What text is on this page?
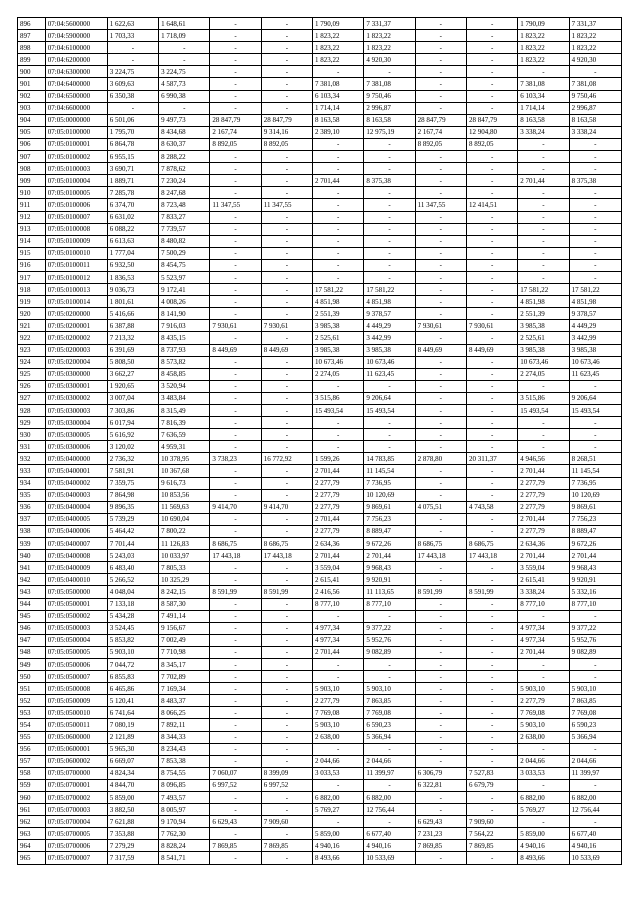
896	07:04:5600000	1 622,63	1 648,61	-	-	1 790,09	7 331,37	-	-	1 790,09	7 331,37
897	07:04:5900000	1 703,33	1 718,09	-	-	1 823,22	1 823,22	-	-	1 823,22	1 823,22
898	07:04:6100000	-	-	-	-	1 823,22	1 823,22	-	-	1 823,22	1 823,22
899	07:04:6200000	-	-	-	-	1 823,22	4 920,30	-	-	1 823,22	4 920,30
900	07:04:6300000	3 224,75	3 224,75	-	-	-	-	-	-	-	-
901	07:04:6400000	3 609,63	4 587,73	-	-	7 381,08	7 381,08	-	-	7 381,08	7 381,08
902	07:04:6500000	6 350,38	6 990,38	-	-	6 103,34	9 750,46	-	-	6 103,34	9 750,46
903	07:04:6600000	-	-	-	-	1 714,14	2 996,87	-	-	1 714,14	2 996,87
904	07:05:0000000	6 501,06	9 497,73	28 847,79	28 847,79	8 163,58	8 163,58	28 847,79	28 847,79	8 163,58	8 163,58
905	07:05:0100000	1 795,70	8 434,68	2 167,74	9 314,16	2 389,10	12 975,19	2 167,74	12 904,80	3 338,24	3 338,24
906	07:05:0100001	6 864,78	8 630,37	8 892,05	8 892,05	-	-	8 892,05	8 892,05	-	-
907	07:05:0100002	6 955,15	8 288,22	-	-	-	-	-	-	-	-
908	07:05:0100003	3 690,71	7 878,62	-	-	-	-	-	-	-	-
909	07:05:0100004	1 889,71	7 230,24	-	-	2 701,44	8 375,38	-	-	2 701,44	8 375,38
910	07:05:0100005	7 285,78	8 247,68	-	-	-	-	-	-	-	-
911	07:05:0100006	6 374,70	8 723,48	11 347,55	11 347,55	-	-	11 347,55	12 414,51	-	-
912	07:05:0100007	6 631,02	7 833,27	-	-	-	-	-	-	-	-
913	07:05:0100008	6 088,22	7 739,57	-	-	-	-	-	-	-	-
914	07:05:0100009	6 613,63	8 480,82	-	-	-	-	-	-	-	-
915	07:05:0100010	1 777,04	7 500,29	-	-	-	-	-	-	-	-
916	07:05:0100011	6 932,50	8 454,75	-	-	-	-	-	-	-	-
917	07:05:0100012	1 836,53	5 523,97	-	-	-	-	-	-	-	-
918	07:05:0100013	9 036,73	9 172,41	-	-	17 581,22	17 581,22	-	-	17 581,22	17 581,22
919	07:05:0100014	1 801,61	4 008,26	-	-	4 851,98	4 851,98	-	-	4 851,98	4 851,98
920	07:05:0200000	5 416,66	8 141,90	-	-	2 551,39	9 378,57	-	-	2 551,39	9 378,57
921	07:05:0200001	6 387,88	7 916,03	7 930,61	7 930,61	3 985,38	4 449,29	7 930,61	7 930,61	3 985,38	4 449,29
922	07:05:0200002	7 213,32	8 435,15	-	-	2 525,61	3 442,99	-	-	2 525,61	3 442,99
923	07:05:0200003	6 391,69	8 737,93	8 449,69	8 449,69	3 985,38	3 985,38	8 449,69	8 449,69	3 985,38	3 985,38
924	07:05:0200004	5 808,50	8 573,82	-	-	10 673,46	10 673,46	-	-	10 673,46	10 673,46
925	07:05:0300000	3 662,27	8 458,85	-	-	2 274,05	11 623,45	-	-	2 274,05	11 623,45
926	07:05:0300001	1 920,65	3 520,94	-	-	-	-	-	-	-	-
927	07:05:0300002	3 007,04	3 483,84	-	-	3 515,86	9 206,64	-	-	3 515,86	9 206,64
928	07:05:0300003	7 303,86	8 315,49	-	-	15 493,54	15 493,54	-	-	15 493,54	15 493,54
929	07:05:0300004	6 017,94	7 816,39	-	-	-	-	-	-	-	-
930	07:05:0300005	5 616,92	7 636,59	-	-	-	-	-	-	-	-
931	07:05:0300006	3 120,02	4 959,31	-	-	-	-	-	-	-	-
932	07:05:0400000	2 736,32	10 378,95	3 738,23	16 772,92	1 599,26	14 783,85	2 878,80	20 311,37	4 946,56	8 268,51
933	07:05:0400001	7 581,91	10 367,68	-	-	2 701,44	11 145,54	-	-	2 701,44	11 145,54
934	07:05:0400002	7 359,75	9 616,73	-	-	2 277,79	7 736,95	-	-	2 277,79	7 736,95
935	07:05:0400003	7 864,98	10 853,56	-	-	2 277,79	10 120,69	-	-	2 277,79	10 120,69
936	07:05:0400004	9 896,35	11 569,63	9 414,70	9 414,70	2 277,79	9 869,61	4 075,51	4 743,58	2 277,79	9 869,61
937	07:05:0400005	5 739,29	10 690,04	-	-	2 701,44	7 756,23	-	-	2 701,44	7 756,23
938	07:05:0400006	5 464,42	7 800,22	-	-	2 277,79	8 889,47	-	-	2 277,79	8 889,47
939	07:05:0400007	7 701,44	11 126,83	8 686,75	8 686,75	2 634,36	9 672,26	8 686,75	8 686,75	2 634,36	9 672,26
940	07:05:0400008	5 243,03	10 033,97	17 443,18	17 443,18	2 701,44	2 701,44	17 443,18	17 443,18	2 701,44	2 701,44
941	07:05:0400009	6 483,40	7 805,33	-	-	3 559,04	9 968,43	-	-	3 559,04	9 968,43
942	07:05:0400010	5 266,52	10 325,29	-	-	2 615,41	9 920,91	-	-	2 615,41	9 920,91
943	07:05:0500000	4 048,04	8 242,15	8 591,99	8 591,99	2 416,56	11 113,65	8 591,99	8 591,99	3 338,24	5 332,16
944	07:05:0500001	7 133,18	8 587,30	-	-	8 777,10	8 777,10	-	-	8 777,10	8 777,10
945	07:05:0500002	5 434,28	7 491,14	-	-	-	-	-	-	-	-
946	07:05:0500003	3 524,45	9 156,67	-	-	4 977,34	9 377,22	-	-	4 977,34	9 377,22
947	07:05:0500004	5 853,82	7 002,49	-	-	4 977,34	5 952,76	-	-	4 977,34	5 952,76
948	07:05:0500005	5 903,10	7 710,98	-	-	2 701,44	9 082,89	-	-	2 701,44	9 082,89
949	07:05:0500006	7 044,72	8 345,17	-	-	-	-	-	-	-	-
950	07:05:0500007	6 855,83	7 702,89	-	-	-	-	-	-	-	-
951	07:05:0500008	6 465,86	7 169,34	-	-	5 903,10	5 903,10	-	-	5 903,10	5 903,10
952	07:05:0500009	5 120,41	8 483,37	-	-	2 277,79	7 863,85	-	-	2 277,79	7 863,85
953	07:05:0500010	6 741,64	8 066,25	-	-	7 769,08	7 769,08	-	-	7 769,08	7 769,08
954	07:05:0500011	7 080,19	7 892,11	-	-	5 903,10	6 590,23	-	-	5 903,10	6 590,23
955	07:05:0600000	2 121,89	8 344,33	-	-	2 638,00	5 366,94	-	-	2 638,00	5 366,94
956	07:05:0600001	5 965,30	8 234,43	-	-	-	-	-	-	-	-
957	07:05:0600002	6 669,07	7 853,38	-	-	2 044,66	2 044,66	-	-	2 044,66	2 044,66
958	07:05:0700000	4 824,34	8 754,55	7 060,07	8 399,09	3 033,53	11 399,97	6 306,79	7 527,83	3 033,53	11 399,97
959	07:05:0700001	4 844,70	8 096,85	6 997,52	6 997,52	-	-	6 322,81	6 679,79	-	-
960	07:05:0700002	5 859,00	7 493,57	-	-	6 882,00	6 882,00	-	-	6 882,00	6 882,00
961	07:05:0700003	3 882,50	8 005,97	-	-	5 769,27	12 756,44	-	-	5 769,27	12 756,44
962	07:05:0700004	7 621,88	9 170,94	6 629,43	7 909,60	-	-	6 629,43	7 909,60	-	-
963	07:05:0700005	7 353,88	7 762,30	-	-	5 859,00	6 677,40	7 231,23	7 564,22	5 859,00	6 677,40
964	07:05:0700006	7 279,29	8 828,24	7 869,85	7 869,85	4 940,16	4 940,16	7 869,85	7 869,85	4 940,16	4 940,16
965	07:05:0700007	7 317,59	8 541,71	-	-	8 493,66	10 533,69	-	-	8 493,66	10 533,69
